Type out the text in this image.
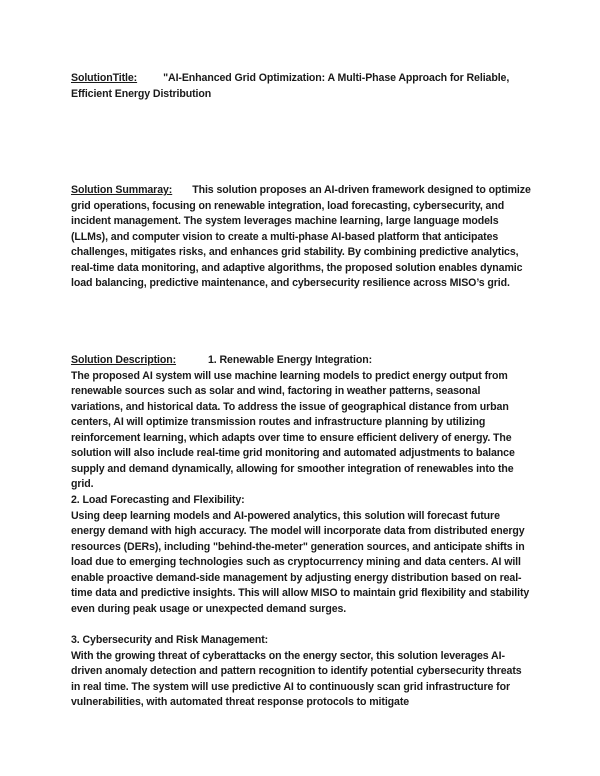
SolutionTitle: "AI-Enhanced Grid Optimization: A Multi-Phase Approach for Reliable, Efficient Energy Distribution
Solution Summaray: This solution proposes an AI-driven framework designed to optimize grid operations, focusing on renewable integration, load forecasting, cybersecurity, and incident management. The system leverages machine learning, large language models (LLMs), and computer vision to create a multi-phase AI-based platform that anticipates challenges, mitigates risks, and enhances grid stability. By combining predictive analytics, real-time data monitoring, and adaptive algorithms, the proposed solution enables dynamic load balancing, predictive maintenance, and cybersecurity resilience across MISO’s grid.
Solution Description:	1. Renewable Energy Integration:

The proposed AI system will use machine learning models to predict energy output from renewable sources such as solar and wind, factoring in weather patterns, seasonal variations, and historical data. To address the issue of geographical distance from urban centers, AI will optimize transmission routes and infrastructure planning by utilizing reinforcement learning, which adapts over time to ensure efficient delivery of energy. The solution will also include real-time grid monitoring and automated adjustments to balance supply and demand dynamically, allowing for smoother integration of renewables into the grid.

2. Load Forecasting and Flexibility:

Using deep learning models and AI-powered analytics, this solution will forecast future energy demand with high accuracy. The model will incorporate data from distributed energy resources (DERs), including "behind-the-meter" generation sources, and anticipate shifts in load due to emerging technologies such as cryptocurrency mining and data centers. AI will enable proactive demand-side management by adjusting energy distribution based on real-time data and predictive insights. This will allow MISO to maintain grid flexibility and stability even during peak usage or unexpected demand surges.

3. Cybersecurity and Risk Management:

With the growing threat of cyberattacks on the energy sector, this solution leverages AI-driven anomaly detection and pattern recognition to identify potential cybersecurity threats in real time. The system will use predictive AI to continuously scan grid infrastructure for vulnerabilities, with automated threat response protocols to mitigate
